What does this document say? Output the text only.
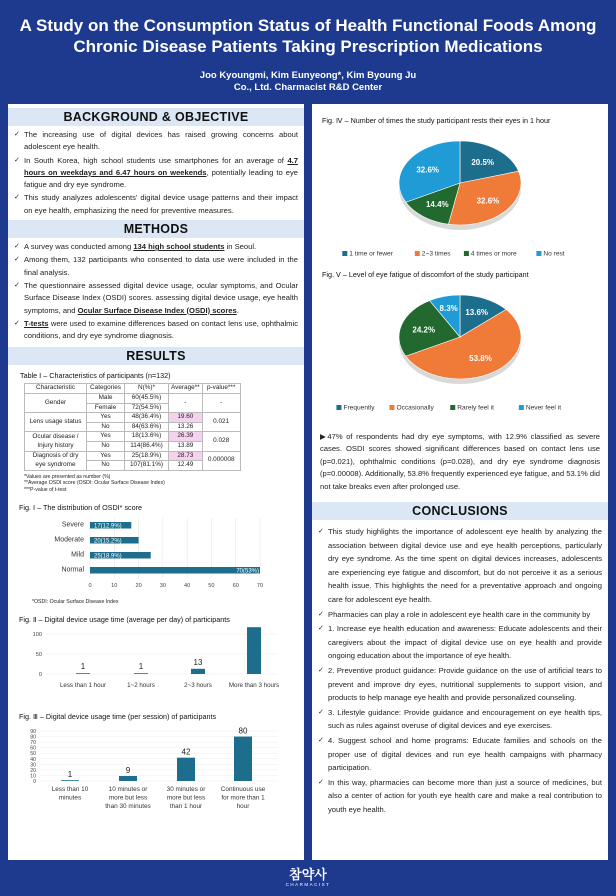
A Study on the Consumption Status of Health Functional Foods Among
Chronic Disease Patients Taking Prescription Medications
Joo Kyoungmi, Kim Eunyeong*, Kim Byoung Ju
Co., Ltd. Charmacist R&D Center
BACKGROUND & OBJECTIVE
✓ The increasing use of digital devices has raised growing concerns about adolescent eye health.
✓ In South Korea, high school students use smartphones for an average of 4.7 hours on weekdays and 6.47 hours on weekends, potentially leading to eye fatigue and dry eye syndrome.
✓ This study analyzes adolescents' digital device usage patterns and their impact on eye health, emphasizing the need for preventive measures.
METHODS
✓ A survey was conducted among 134 high school students in Seoul.
✓ Among them, 132 participants who consented to data use were included in the final analysis.
✓ The questionnaire assessed digital device usage, ocular symptoms, and Ocular Surface Disease Index (OSDI) scores. assessing digital device usage, eye health symptoms, and Ocular Surface Disease Index (OSDI) scores.
✓ T-tests were used to examine differences based on contact lens use, ophthalmic conditions, and dry eye syndrome diagnosis.
RESULTS
Table Ⅰ – Characteristics of participants (n=132)
Characteristic	Categories	N(%)*	Average**	p-value***
Gender	Male	60(45.5%)	-	-
	Female	72(54.5%)		
Lens usage status	Yes	48(36.4%)	19.60	0.021
	No	84(63.6%)	13.26	

Ocular disease /
Injury history	Yes	18(13.6%)	26.39	0.028
	No	114(86.4%)	13.89	

Diagnosis of dry
eye syndrome	Yes	25(18.9%)	28.73	0.000008
	No	107(81.1%)	12.49	
*Values are presented as number (%)
**Average OSDI score (OSDI: Ocular Surface Disease Index)
***P-value of t-test
Fig. Ⅰ – The distribution of OSDI* score
0	10	20	30	40	50	60	70
Severe 17(12.9%)
Moderate 20(15.2%)
Mild 25(18.9%)
Normal	70(53%)
*OSDI: Ocular Surface Disease Index
Fig. Ⅱ – Digital device usage time (average per day) of participants
0
50
100
1
Less than 1 hour
1
1~2 hours
13
2~3 hours	More than 3 hours
Fig. Ⅲ – Digital device usage time (per session) of participants
0
10
20
30
40
50
60
70
80
90
1
Less than 10 minutes
9
10 minutes or more but less than 30 minutes
42
30 minutes or more but less than 1 hour
80
Continuous use for more than 1 hour
Fig. Ⅳ – Number of times the study participant rests their eyes in 1 hour
20.5%
32.6%
14.4%
32.6%
1 time or fewer	2~3 times	4 times or more	No rest
Fig. Ⅴ – Level of eye fatigue of discomfort of the study participant
13.6%
53.8%
24.2%
8.3%
Frequently	Occasionally	Rarely feel it	Never feel it
▶47% of respondents had dry eye symptoms, with 12.9% classified as severe cases. OSDI scores showed significant differences based on contact lens use (p=0.021), ophthalmic conditions (p=0.028), and dry eye syndrome diagnosis (p=0.00008). Additionally, 53.8% frequently experienced eye fatigue, and 53.1% did not take breaks even after prolonged use.
CONCLUSIONS
✓ This study highlights the importance of adolescent eye health by analyzing the association between digital device use and eye health perceptions, particularly dry eye syndrome. As the time spent on digital devices increases, adolescents are experiencing eye fatigue and discomfort, but do not perceive it as a serious health issue. This highlights the need for a preventative approach and ongoing care for adolescent eye health.
✓ Pharmacies can play a role in adolescent eye health care in the community by
✓ 1. Increase eye health education and awareness: Educate adolescents and their caregivers about the impact of digital device use on eye health and provide ongoing education about the importance of eye health.
✓ 2. Preventive product guidance: Provide guidance on the use of artificial tears to prevent and improve dry eyes, nutritional supplements to support vision, and products to help manage eye health and provide personalized counseling.
✓ 3. Lifestyle guidance: Provide guidance and encouragement on eye health tips, such as rules against overuse of digital devices and eye exercises.
✓ 4. Suggest school and home programs: Educate families and schools on the proper use of digital devices and run eye health campaigns with pharmacy participation.
✓ In this way, pharmacies can become more than just a source of medicines, but also a center of action for youth eye health care and make a real contribution to youth eye health.
참약사
CHARMACIST
